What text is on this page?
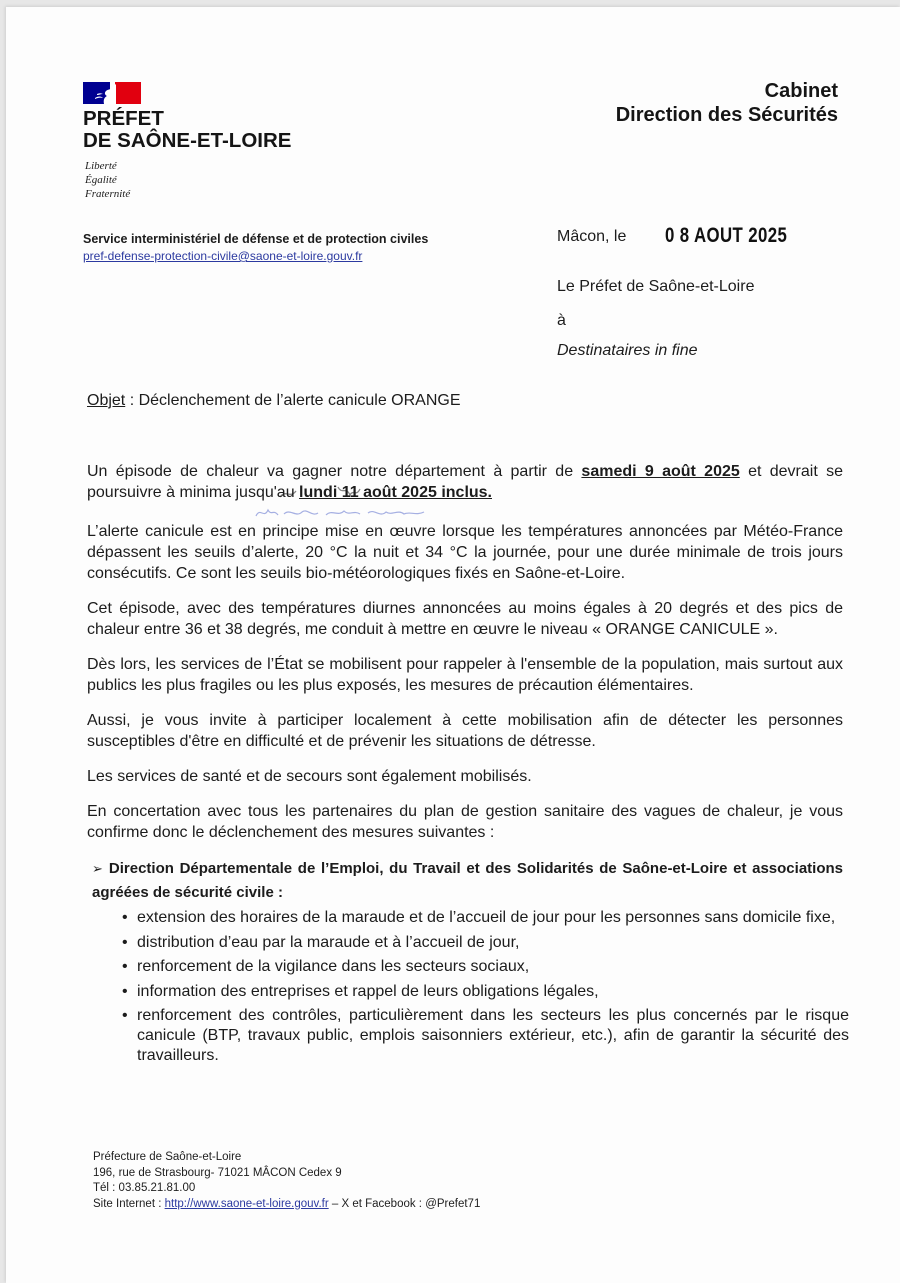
PRÉFET
DE SAÔNE-ET-LOIRE
Liberté
Égalité
Fraternité
Cabinet
Direction des Sécurités
Service interministériel de défense et de protection civiles
pref-defense-protection-civile@saone-et-loire.gouv.fr
Mâcon, le 0 8 AOUT 2025
Le Préfet de Saône-et-Loire
à
Destinataires in fine
Objet : Déclenchement de l’alerte canicule ORANGE

Un épisode de chaleur va gagner notre département à partir de samedi 9 août 2025 et devrait se poursuivre à minima jusqu'au lundi 11 août 2025 inclus.

L’alerte canicule est en principe mise en œuvre lorsque les températures annoncées par Météo-France dépassent les seuils d’alerte, 20 °C la nuit et 34 °C la journée, pour une durée minimale de trois jours consécutifs. Ce sont les seuils bio-météorologiques fixés en Saône-et-Loire.

Cet épisode, avec des températures diurnes annoncées au moins égales à 20 degrés et des pics de chaleur entre 36 et 38 degrés, me conduit à mettre en œuvre le niveau « ORANGE CANICULE ».

Dès lors, les services de l’État se mobilisent pour rappeler à l'ensemble de la population, mais surtout aux publics les plus fragiles ou les plus exposés, les mesures de précaution élémentaires.

Aussi, je vous invite à participer localement à cette mobilisation afin de détecter les personnes susceptibles d'être en difficulté et de prévenir les situations de détresse.

Les services de santé et de secours sont également mobilisés.

En concertation avec tous les partenaires du plan de gestion sanitaire des vagues de chaleur, je vous confirme donc le déclenchement des mesures suivantes :

➢ Direction Départementale de l’Emploi, du Travail et des Solidarités de Saône-et-Loire et associations agréées de sécurité civile :
• extension des horaires de la maraude et de l’accueil de jour pour les personnes sans domicile fixe,
• distribution d’eau par la maraude et à l’accueil de jour,
• renforcement de la vigilance dans les secteurs sociaux,
• information des entreprises et rappel de leurs obligations légales,
• renforcement des contrôles, particulièrement dans les secteurs les plus concernés par le risque canicule (BTP, travaux public, emplois saisonniers extérieur, etc.), afin de garantir la sécurité des travailleurs.
Préfecture de Saône-et-Loire
196, rue de Strasbourg- 71021 MÂCON Cedex 9
Tél : 03.85.21.81.00
Site Internet : http://www.saone-et-loire.gouv.fr – X et Facebook : @Prefet71
